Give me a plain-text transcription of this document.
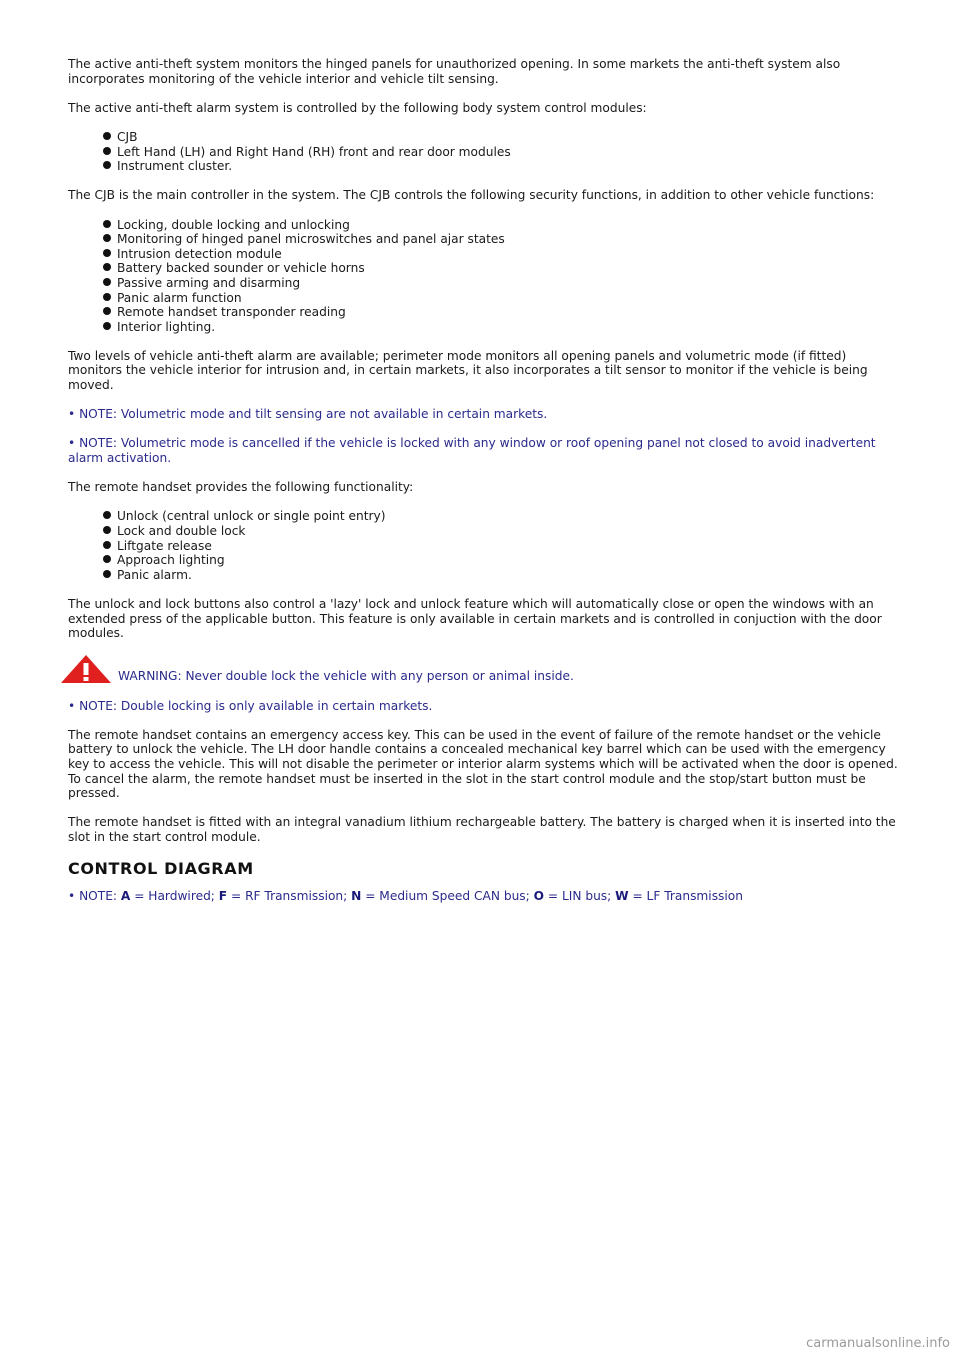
The active anti-theft system monitors the hinged panels for unauthorized opening. In some markets the anti-theft system also incorporates monitoring of the vehicle interior and vehicle tilt sensing.

The active anti-theft alarm system is controlled by the following body system control modules:

CJB
Left Hand (LH) and Right Hand (RH) front and rear door modules
Instrument cluster.

The CJB is the main controller in the system. The CJB controls the following security functions, in addition to other vehicle functions:

Locking, double locking and unlocking
Monitoring of hinged panel microswitches and panel ajar states
Intrusion detection module
Battery backed sounder or vehicle horns
Passive arming and disarming
Panic alarm function
Remote handset transponder reading
Interior lighting.

Two levels of vehicle anti-theft alarm are available; perimeter mode monitors all opening panels and volumetric mode (if fitted) monitors the vehicle interior for intrusion and, in certain markets, it also incorporates a tilt sensor to monitor if the vehicle is being moved.

• NOTE: Volumetric mode and tilt sensing are not available in certain markets.

• NOTE: Volumetric mode is cancelled if the vehicle is locked with any window or roof opening panel not closed to avoid inadvertent alarm activation.

The remote handset provides the following functionality:

Unlock (central unlock or single point entry)
Lock and double lock
Liftgate release
Approach lighting
Panic alarm.

The unlock and lock buttons also control a 'lazy' lock and unlock feature which will automatically close or open the windows with an extended press of the applicable button. This feature is only available in certain markets and is controlled in conjuction with the door modules.

WARNING: Never double lock the vehicle with any person or animal inside.

• NOTE: Double locking is only available in certain markets.

The remote handset contains an emergency access key. This can be used in the event of failure of the remote handset or the vehicle battery to unlock the vehicle. The LH door handle contains a concealed mechanical key barrel which can be used with the emergency key to access the vehicle. This will not disable the perimeter or interior alarm systems which will be activated when the door is opened. To cancel the alarm, the remote handset must be inserted in the slot in the start control module and the stop/start button must be pressed.

The remote handset is fitted with an integral vanadium lithium rechargeable battery. The battery is charged when it is inserted into the slot in the start control module.

CONTROL DIAGRAM

• NOTE: A = Hardwired; F = RF Transmission; N = Medium Speed CAN bus; O = LIN bus; W = LF Transmission

carmanualsonline.info
